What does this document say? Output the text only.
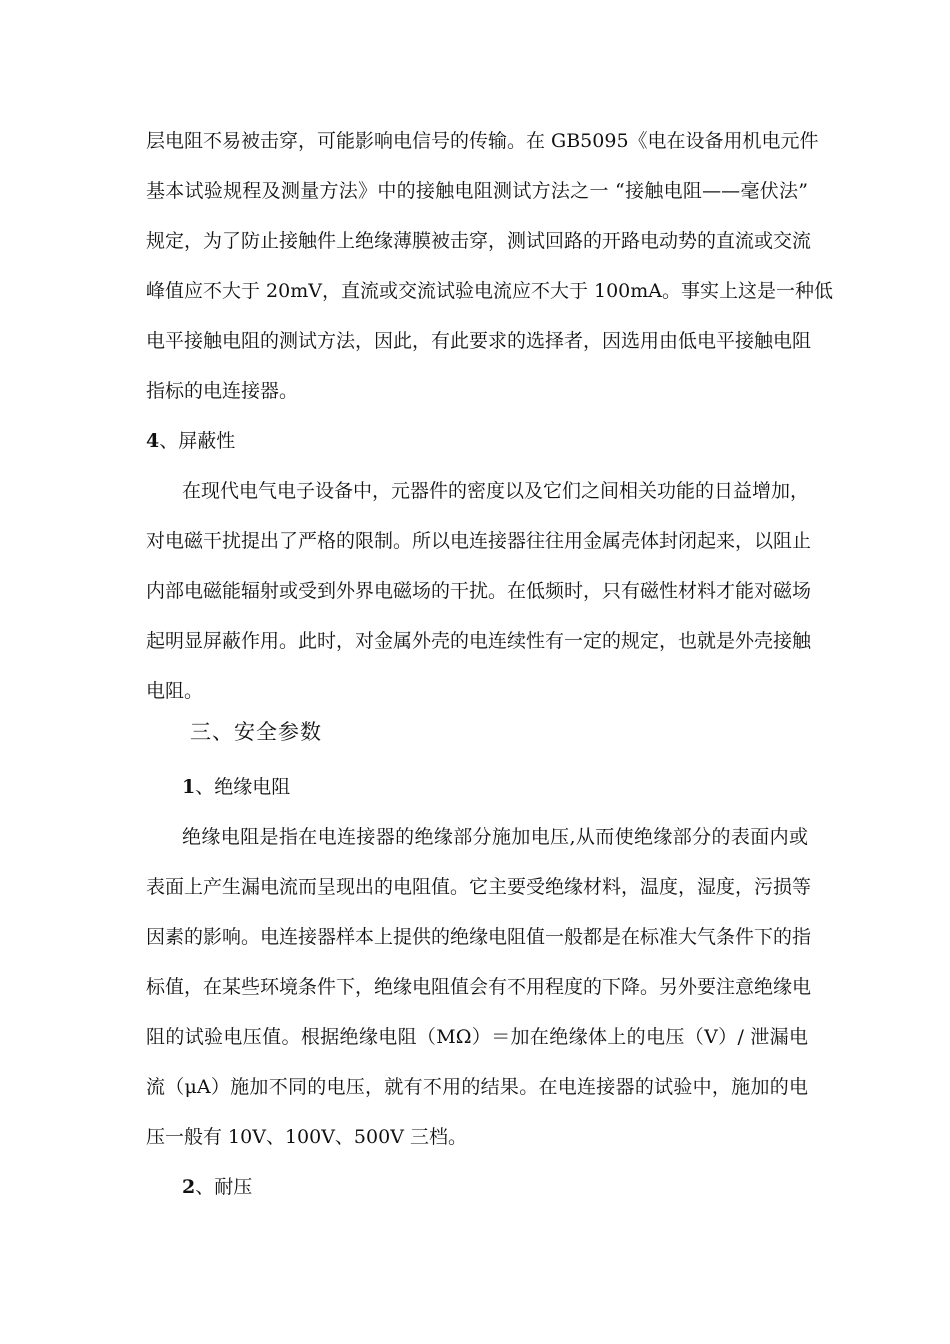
层电阻不易被击穿，可能影响电信号的传输。在 GB5095《电在设备用机电元件
基本试验规程及测量方法》中的接触电阻测试方法之一 “接触电阻——毫伏法”
规定，为了防止接触件上绝缘薄膜被击穿，测试回路的开路电动势的直流或交流
峰值应不大于 20mV，直流或交流试验电流应不大于 100mA。事实上这是一种低
电平接触电阻的测试方法，因此，有此要求的选择者，因选用由低电平接触电阻
指标的电连接器。
4、屏蔽性
在现代电气电子设备中，元器件的密度以及它们之间相关功能的日益增加，
对电磁干扰提出了严格的限制。所以电连接器往往用金属壳体封闭起来，以阻止
内部电磁能辐射或受到外界电磁场的干扰。在低频时，只有磁性材料才能对磁场
起明显屏蔽作用。此时，对金属外壳的电连续性有一定的规定，也就是外壳接触
电阻。
三、安全参数
1、绝缘电阻
绝缘电阻是指在电连接器的绝缘部分施加电压,从而使绝缘部分的表面内或
表面上产生漏电流而呈现出的电阻值。它主要受绝缘材料，温度，湿度，污损等
因素的影响。电连接器样本上提供的绝缘电阻值一般都是在标准大气条件下的指
标值，在某些环境条件下，绝缘电阻值会有不用程度的下降。另外要注意绝缘电
阻的试验电压值。根据绝缘电阻（MΩ）＝加在绝缘体上的电压（V）/ 泄漏电
流（μA）施加不同的电压，就有不用的结果。在电连接器的试验中，施加的电
压一般有 10V、100V、500V 三档。
2、耐压
